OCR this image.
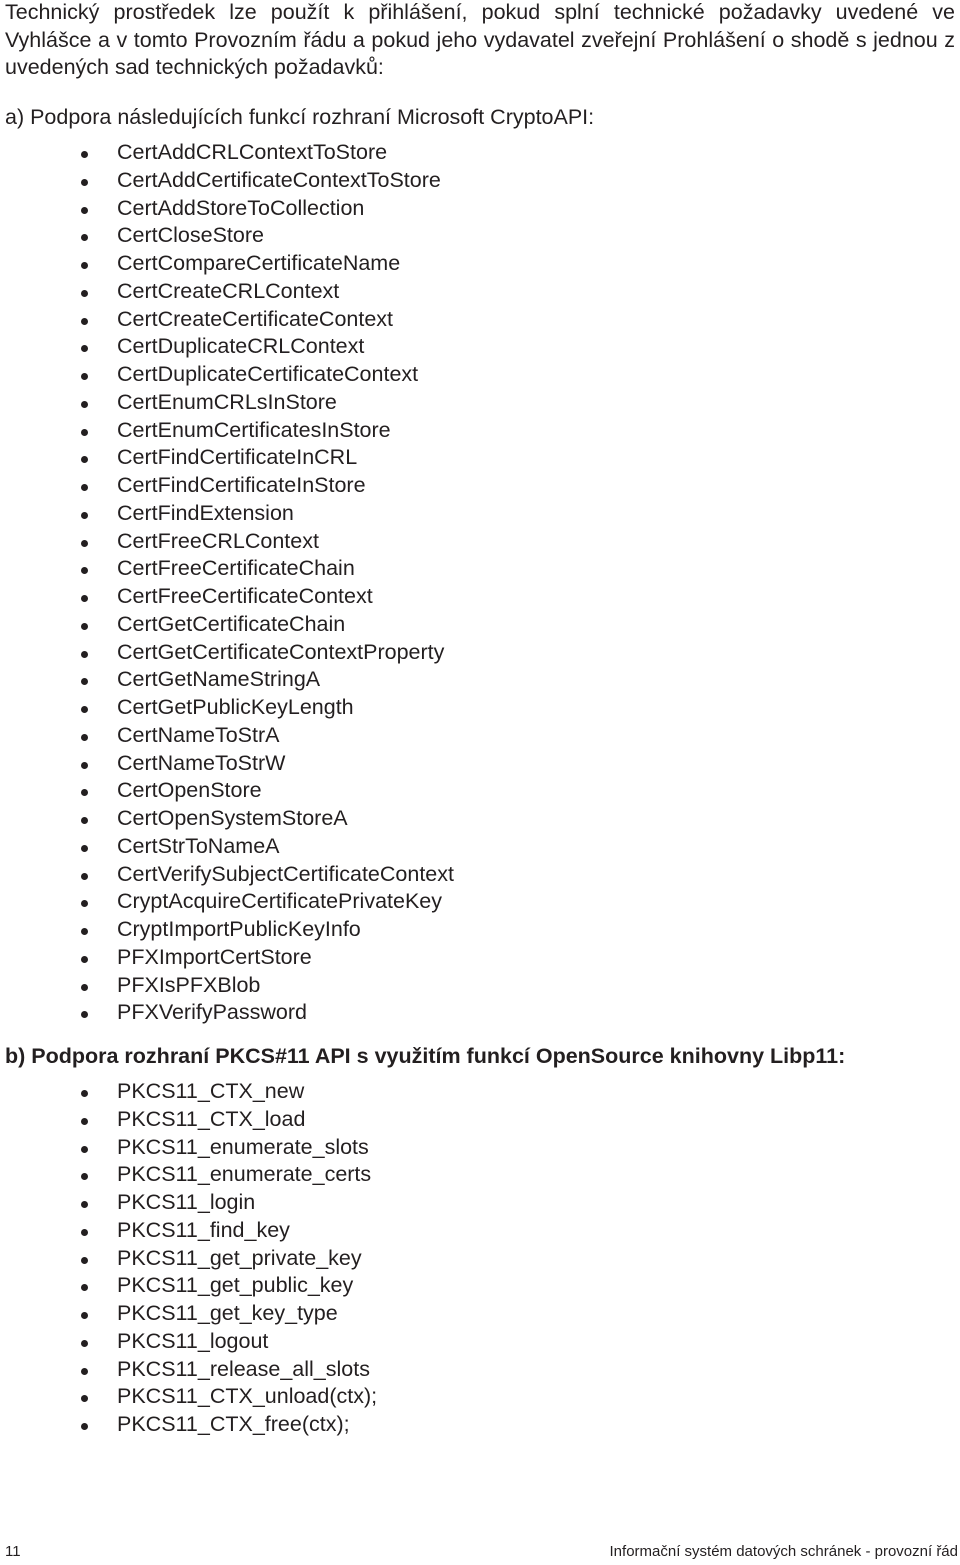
Technický prostředek lze použít k přihlášení, pokud splní technické požadavky uvedené ve Vyhlášce a v tomto Provozním řádu a pokud jeho vydavatel zveřejní Prohlášení o shodě s jednou z uvedených sad technických požadavků:

a) Podpora následujících funkcí rozhraní Microsoft CryptoAPI:
CertAddCRLContextToStore
CertAddCertificateContextToStore
CertAddStoreToCollection
CertCloseStore
CertCompareCertificateName
CertCreateCRLContext
CertCreateCertificateContext
CertDuplicateCRLContext
CertDuplicateCertificateContext
CertEnumCRLsInStore
CertEnumCertificatesInStore
CertFindCertificateInCRL
CertFindCertificateInStore
CertFindExtension
CertFreeCRLContext
CertFreeCertificateChain
CertFreeCertificateContext
CertGetCertificateChain
CertGetCertificateContextProperty
CertGetNameStringA
CertGetPublicKeyLength
CertNameToStrA
CertNameToStrW
CertOpenStore
CertOpenSystemStoreA
CertStrToNameA
CertVerifySubjectCertificateContext
CryptAcquireCertificatePrivateKey
CryptImportPublicKeyInfo
PFXImportCertStore
PFXIsPFXBlob
PFXVerifyPassword
b) Podpora rozhraní PKCS#11 API s využitím funkcí OpenSource knihovny Libp11:
PKCS11_CTX_new
PKCS11_CTX_load
PKCS11_enumerate_slots
PKCS11_enumerate_certs
PKCS11_login
PKCS11_find_key
PKCS11_get_private_key
PKCS11_get_public_key
PKCS11_get_key_type
PKCS11_logout
PKCS11_release_all_slots
PKCS11_CTX_unload(ctx);
PKCS11_CTX_free(ctx);
11	Informační systém datových schránek - provozní řád
